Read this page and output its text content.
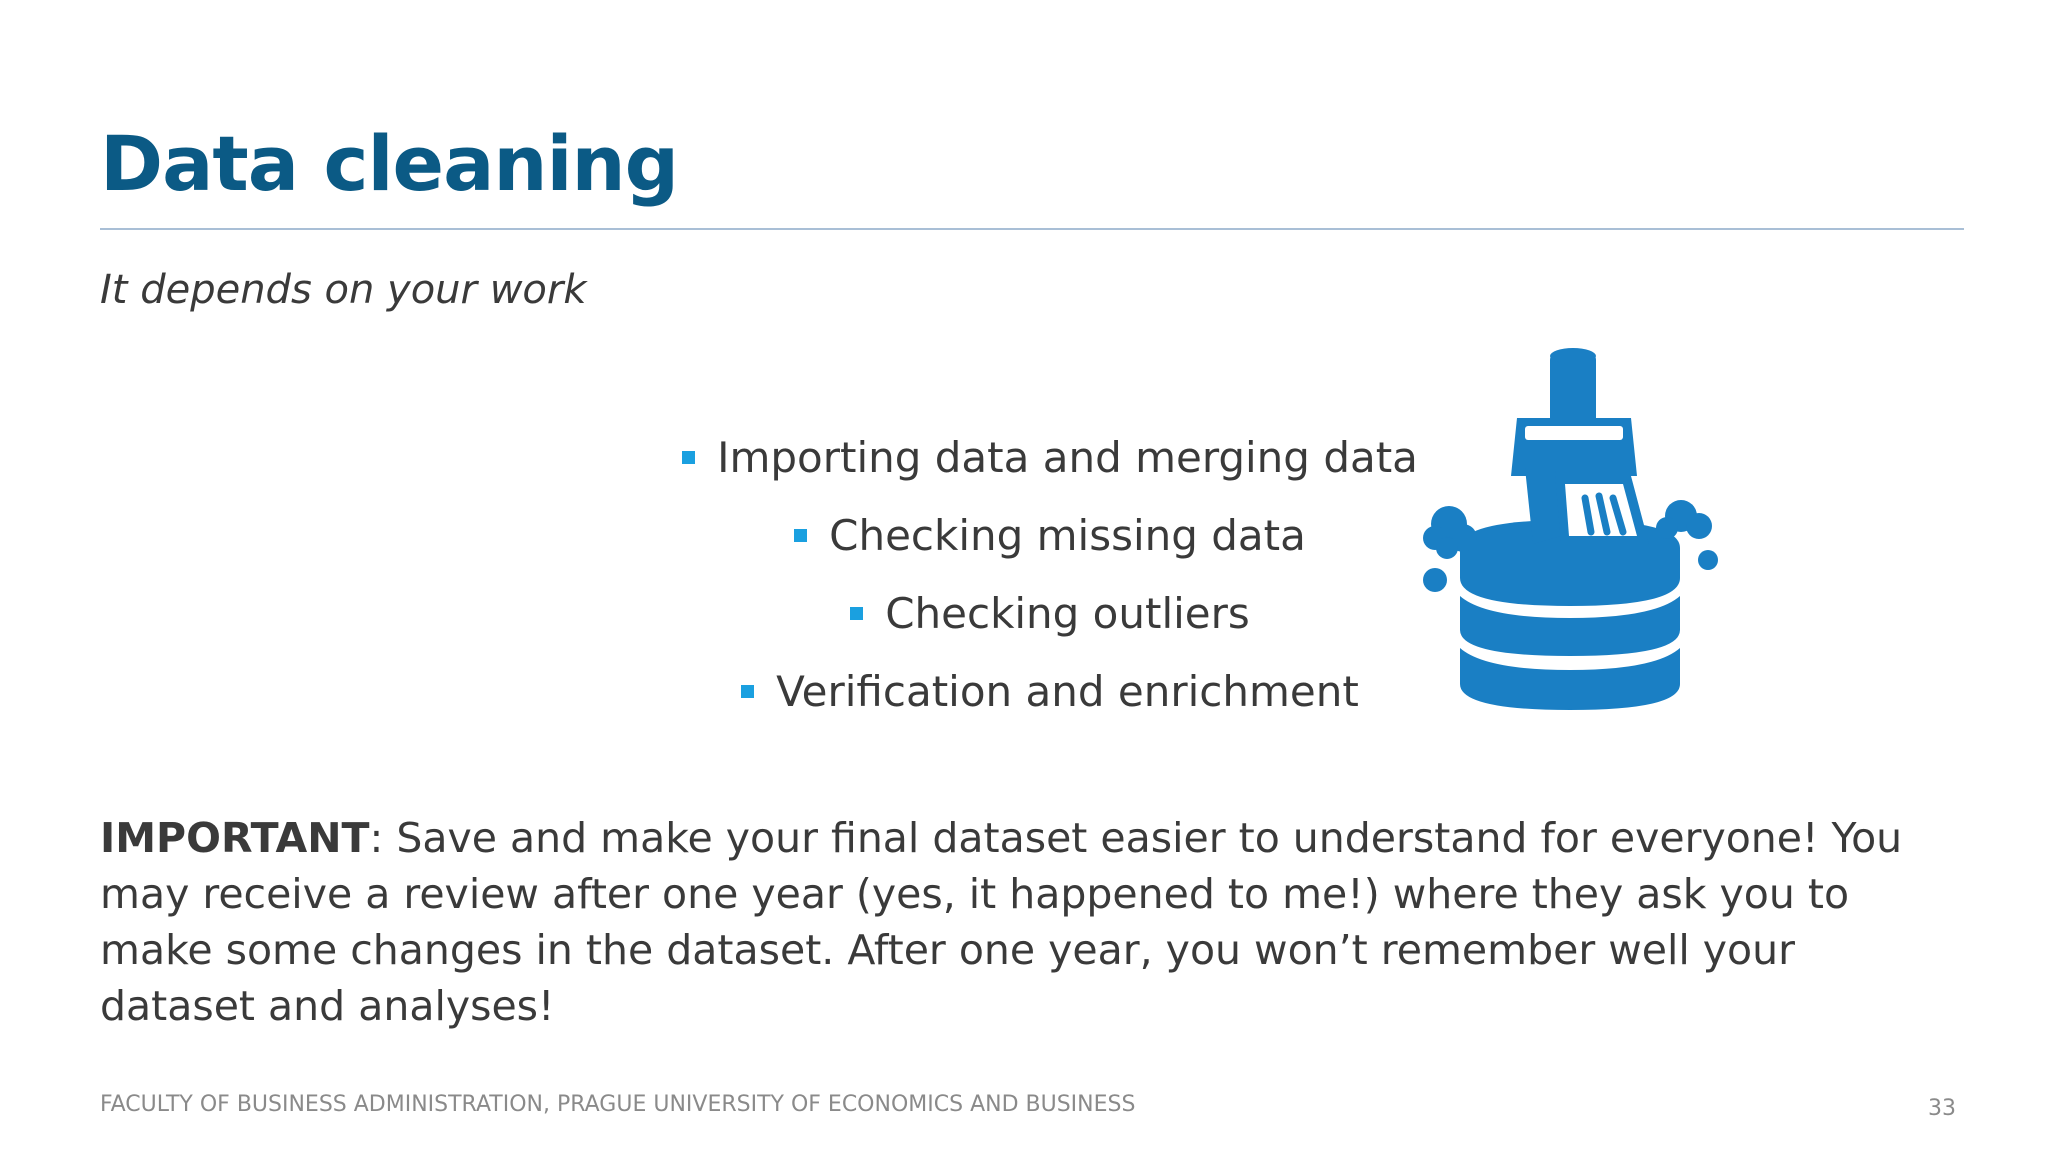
Data cleaning

It depends on your work

Importing data and merging data
Checking missing data
Checking outliers
Verification and enrichment

IMPORTANT: Save and make your final dataset easier to understand for everyone! You may receive a review after one year (yes, it happened to me!) where they ask you to make some changes in the dataset. After one year, you won’t remember well your dataset and analyses!

FACULTY OF BUSINESS ADMINISTRATION, PRAGUE UNIVERSITY OF ECONOMICS AND BUSINESS	33
